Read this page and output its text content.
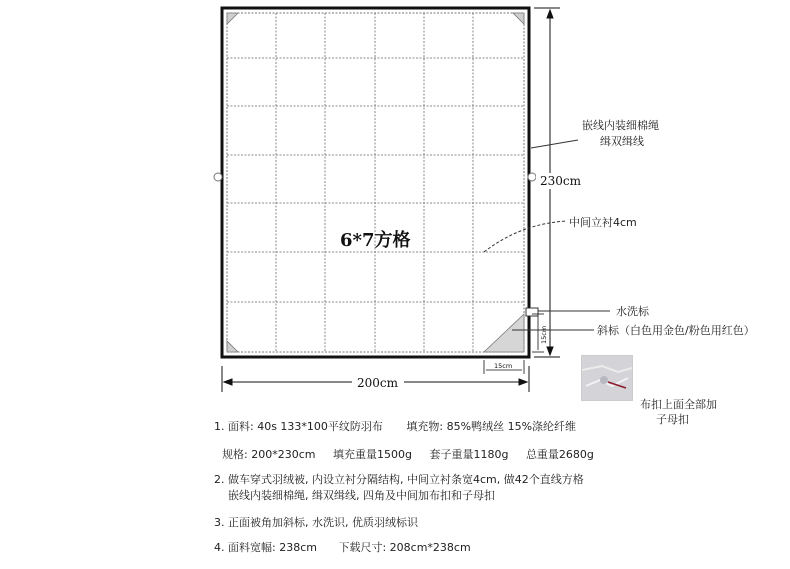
6*7方格
200cm
230cm
15cm
15cm
嵌线内装细棉绳
缉双缉线
中间立衬4cm
水洗标
斜标（白色用金色/粉色用红色）
布扣上面全部加
子母扣
1. 面料: 40s 133*100平纹防羽布 填充物: 85%鸭绒丝 15%涤纶纤维
规格: 200*230cm 填充重量1500g 套子重量1180g 总重量2680g
2. 做车穿式羽绒被, 内设立衬分隔结构, 中间立衬条宽4cm, 做42个直线方格
嵌线内装细棉绳, 缉双缉线, 四角及中间加布扣和子母扣
3. 正面被角加斜标, 水洗识, 优质羽绒标识
4. 面料宽幅: 238cm 下载尺寸: 208cm*238cm
